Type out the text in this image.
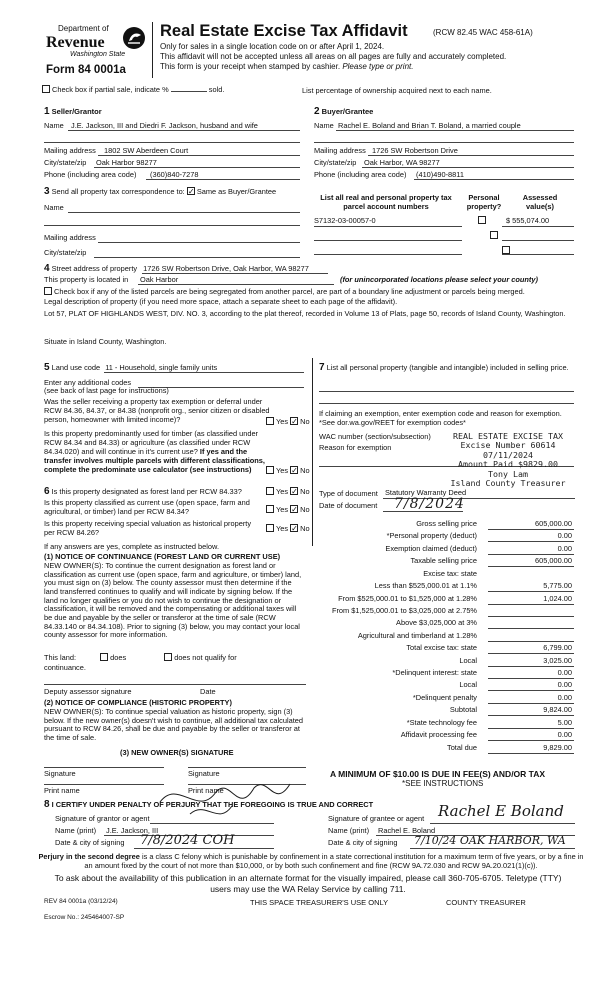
Department of
Revenue
Washington State
Form 84 0001a
Real Estate Excise Tax Affidavit	(RCW 82.45 WAC 458-61A)
Only for sales in a single location code on or after April 1, 2024.
This affidavit will not be accepted unless all areas on all pages are fully and accurately completed.
This form is your receipt when stamped by cashier. Please type or print.
Check box if partial sale, indicate %	sold.	List percentage of ownership acquired next to each name.
1 Seller/Grantor
Name J.E. Jackson, III and Diedri F. Jackson, husband and wife
Mailing address 1802 SW Aberdeen Court
City/state/zip Oak Harbor 98277
Phone (including area code) (360)840-7278
2 Buyer/Grantee
Name Rachel E. Boland and Brian T. Boland, a married couple
Mailing address 1726 SW Robertson Drive
City/state/zip Oak Harbor, WA 98277
Phone (including area code) (410)490-8811
3 Send all property tax correspondence to: ✓ Same as Buyer/Grantee
Name
Mailing address
City/state/zip
List all real and personal property tax parcel account numbers
Personal property?
Assessed value(s)
S7132-03-00057-0
	$ 555,074.00

4 Street address of property 1726 SW Robertson Drive, Oak Harbor, WA 98277
This property is located in Oak Harbor	(for unincorporated locations please select your county)
Check box if any of the listed parcels are being segregated from another parcel, are part of a boundary line adjustment or parcels being merged.
Legal description of property (if you need more space, attach a separate sheet to each page of the affidavit).
Lot 57, PLAT OF HIGHLANDS WEST, DIV. NO. 3, according to the plat thereof, recorded in Volume 13 of Plats, page 50, records of Island County, Washington.
Situate in Island County, Washington.
5 Land use code 11 - Household, single family units
Enter any additional codes
(see back of last page for instructions)
Was the seller receiving a property tax exemption or deferral under RCW 84.36, 84.37, or 84.38 (nonprofit org., senior citizen or disabled person, homeowner with limited income)?	Yes ✓ No
Is this property predominantly used for timber (as classified under RCW 84.34 and 84.33) or agriculture (as classified under RCW 84.34.020) and will continue in it's current use? If yes and the transfer involves multiple parcels with different classifications, complete the predominate use calculator (see instructions)	Yes ✓ No
6 Is this property designated as forest land per RCW 84.33?	Yes ✓ No
Is this property classified as current use (open space, farm and agricultural, or timber) land per RCW 84.34?	Yes ✓ No
Is this property receiving special valuation as historical property per RCW 84.26?	Yes ✓ No
If any answers are yes, complete as instructed below.
(1) NOTICE OF CONTINUANCE (FOREST LAND OR CURRENT USE)
NEW OWNER(S): To continue the current designation as forest land or classification as current use (open space, farm and agriculture, or timber) land, you must sign on (3) below. The county assessor must then determine if the land transferred continues to qualify and will indicate by signing below. If the land no longer qualifies or you do not wish to continue the designation or classification, it will be removed and the compensating or additional taxes will be due and payable by the seller or transferor at the time of sale (RCW 84.33.140 or 84.34.108). Prior to signing (3) below, you may contact your local county assessor for more information.
This land:	does	does not qualify for
continuance.
Deputy assessor signature	Date
(2) NOTICE OF COMPLIANCE (HISTORIC PROPERTY)
NEW OWNER(S): To continue special valuation as historic property, sign (3) below. If the new owner(s) doesn't wish to continue, all additional tax calculated pursuant to RCW 84.26, shall be due and payable by the seller or transferor at the time of sale.
(3) NEW OWNER(S) SIGNATURE
Signature	Signature
Print name	Print name
7 List all personal property (tangible and intangible) included in selling price.
If claiming an exemption, enter exemption code and reason for exemption. *See dor.wa.gov/REET for exemption codes*
WAC number (section/subsection)
Reason for exemption
REAL ESTATE EXCISE TAX
Excise Number 60614
07/11/2024
Amount Paid $9829.00
Tony Lam
Island County Treasurer
Type of document Statutory Warranty Deed
Date of document 7/8/2024
Gross selling price	605,000.00
*Personal property (deduct)	0.00
Exemption claimed (deduct)	0.00
Taxable selling price	605,000.00
Excise tax: state
Less than $525,000.01 at 1.1%	5,775.00
From $525,000.01 to $1,525,000 at 1.28%	1,024.00
From $1,525,000.01 to $3,025,000 at 2.75%
Above $3,025,000 at 3%
Agricultural and timberland at 1.28%
Total excise tax: state	6,799.00
Local	3,025.00
*Delinquent interest: state	0.00
Local	0.00
*Delinquent penalty	0.00
Subtotal	9,824.00
*State technology fee	5.00
Affidavit processing fee	0.00
Total due	9,829.00
A MINIMUM OF $10.00 IS DUE IN FEE(S) AND/OR TAX
*SEE INSTRUCTIONS
8 I CERTIFY UNDER PENALTY OF PERJURY THAT THE FOREGOING IS TRUE AND CORRECT
Signature of grantor or agent
Name (print) J.E. Jackson, III
Date & city of signing 7/8/2024 COH
Signature of grantee or agent Rachel E Boland
Name (print) Rachel E. Boland
Date & city of signing 7/10/24 OAK HARBOR, WA
Perjury in the second degree is a class C felony which is punishable by confinement in a state correctional institution for a maximum term of five years, or by a fine in an amount fixed by the court of not more than $10,000, or by both such confinement and fine (RCW 9A.72.030 and RCW 9A.20.021(1)(c)).
To ask about the availability of this publication in an alternate format for the visually impaired, please call 360-705-6705. Teletype (TTY) users may use the WA Relay Service by calling 711.
REV 84 0001a (03/12/24)	THIS SPACE TREASURER'S USE ONLY	COUNTY TREASURER
Escrow No.: 245464007-SP
